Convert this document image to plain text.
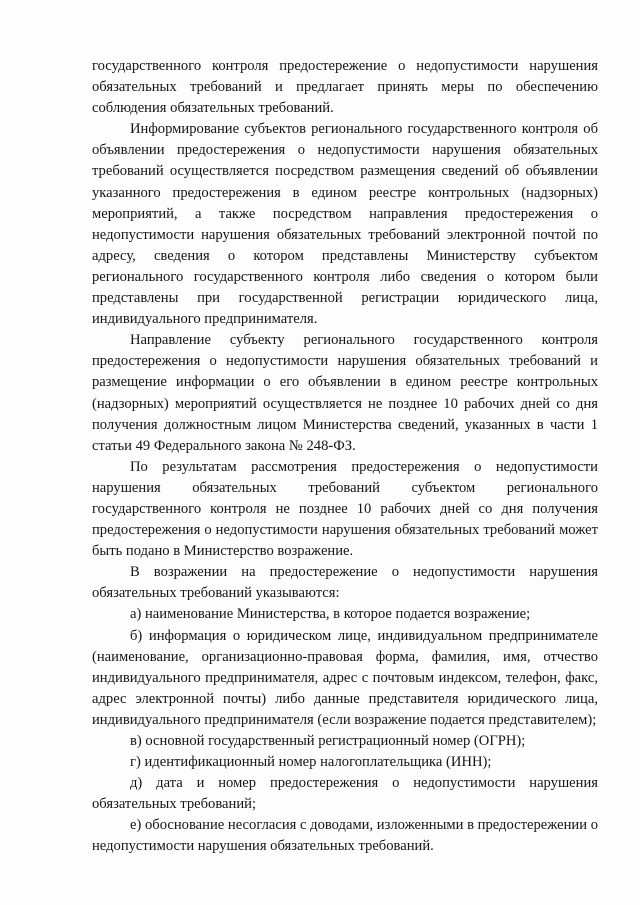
государственного контроля предостережение о недопустимости нарушения обязательных требований и предлагает принять меры по обеспечению соблюдения обязательных требований.

Информирование субъектов регионального государственного контроля об объявлении предостережения о недопустимости нарушения обязательных требований осуществляется посредством размещения сведений об объявлении указанного предостережения в едином реестре контрольных (надзорных) мероприятий, а также посредством направления предостережения о недопустимости нарушения обязательных требований электронной почтой по адресу, сведения о котором представлены Министерству субъектом регионального государственного контроля либо сведения о котором были представлены при государственной регистрации юридического лица, индивидуального предпринимателя.

Направление субъекту регионального государственного контроля предостережения о недопустимости нарушения обязательных требований и размещение информации о его объявлении в едином реестре контрольных (надзорных) мероприятий осуществляется не позднее 10 рабочих дней со дня получения должностным лицом Министерства сведений, указанных в части 1 статьи 49 Федерального закона № 248-ФЗ.

По результатам рассмотрения предостережения о недопустимости нарушения обязательных требований субъектом регионального государственного контроля не позднее 10 рабочих дней со дня получения предостережения о недопустимости нарушения обязательных требований может быть подано в Министерство возражение.

В возражении на предостережение о недопустимости нарушения обязательных требований указываются:

а) наименование Министерства, в которое подается возражение;

б) информация о юридическом лице, индивидуальном предпринимателе (наименование, организационно-правовая форма, фамилия, имя, отчество индивидуального предпринимателя, адрес с почтовым индексом, телефон, факс, адрес электронной почты) либо данные представителя юридического лица, индивидуального предпринимателя (если возражение подается представителем);

в) основной государственный регистрационный номер (ОГРН);

г) идентификационный номер налогоплательщика (ИНН);

д) дата и номер предостережения о недопустимости нарушения обязательных требований;

е) обоснование несогласия с доводами, изложенными в предостережении о недопустимости нарушения обязательных требований.
